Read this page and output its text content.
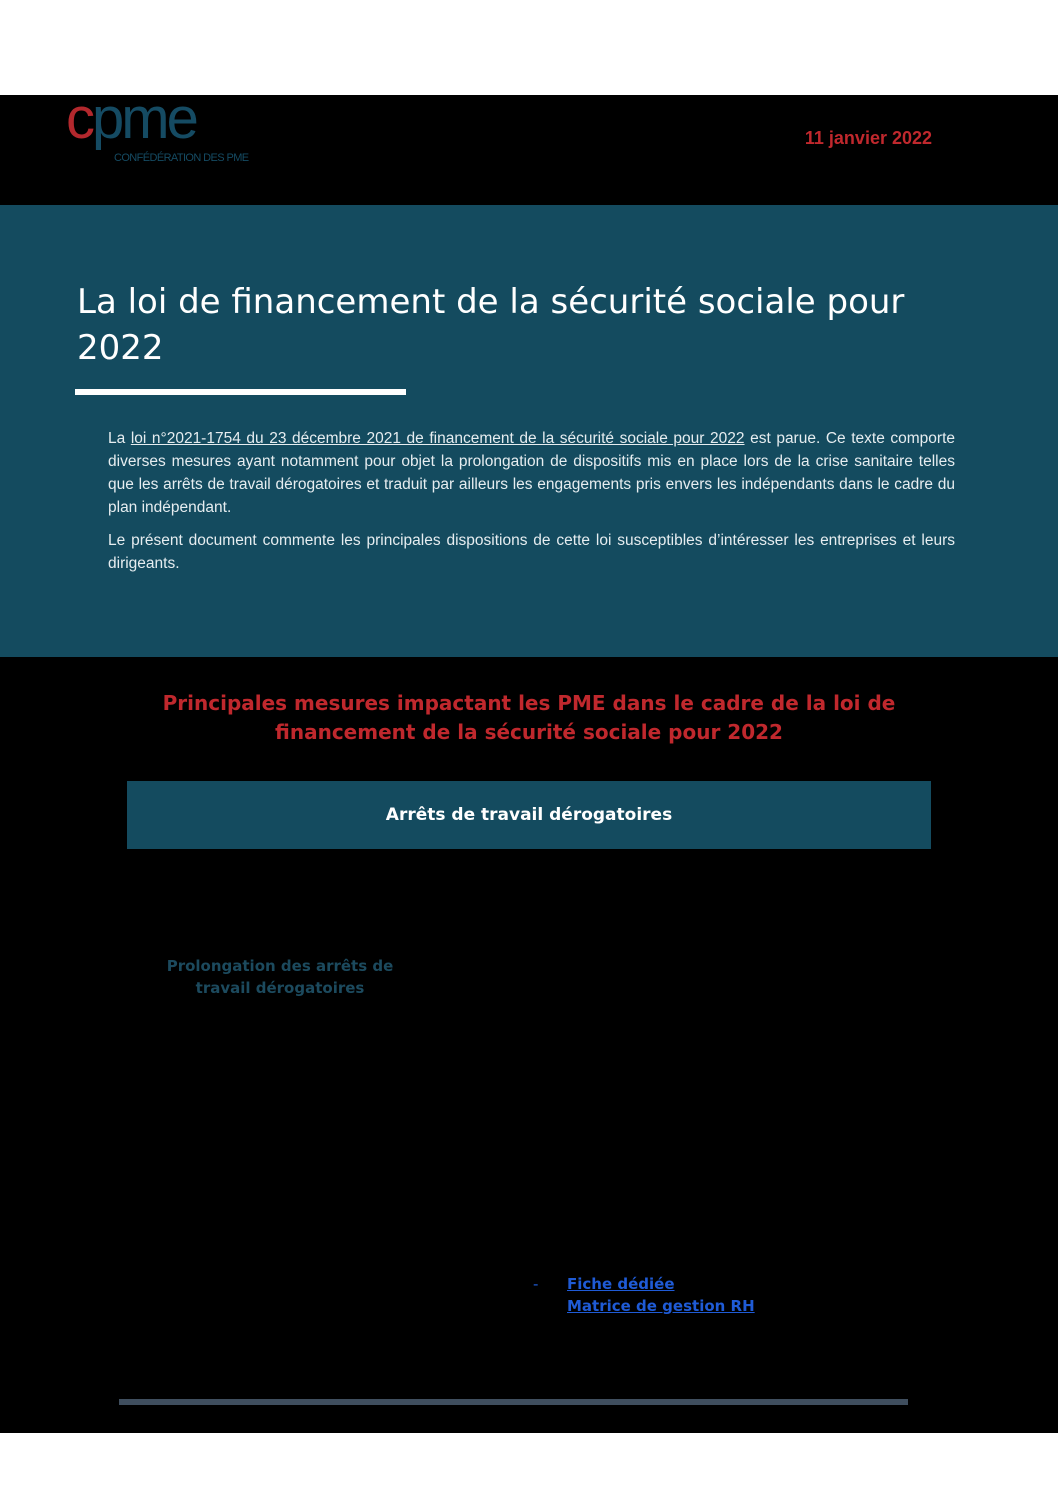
cpme
CONFÉDÉRATION DES PME
11 janvier 2022
La loi de financement de la sécurité sociale pour 2022

La loi n°2021-1754 du 23 décembre 2021 de financement de la sécurité sociale pour 2022 est parue. Ce texte comporte diverses mesures ayant notamment pour objet la prolongation de dispositifs mis en place lors de la crise sanitaire telles que les arrêts de travail dérogatoires et traduit par ailleurs les engagements pris envers les indépendants dans le cadre du plan indépendant.

Le présent document commente les principales dispositions de cette loi susceptibles d’intéresser les entreprises et leurs dirigeants.

Principales mesures impactant les PME dans le cadre de la loi de financement de la sécurité sociale pour 2022
Arrêts de travail dérogatoires
Prolongation des arrêts de travail dérogatoires
-	Fiche dédiée
Matrice de gestion RH
